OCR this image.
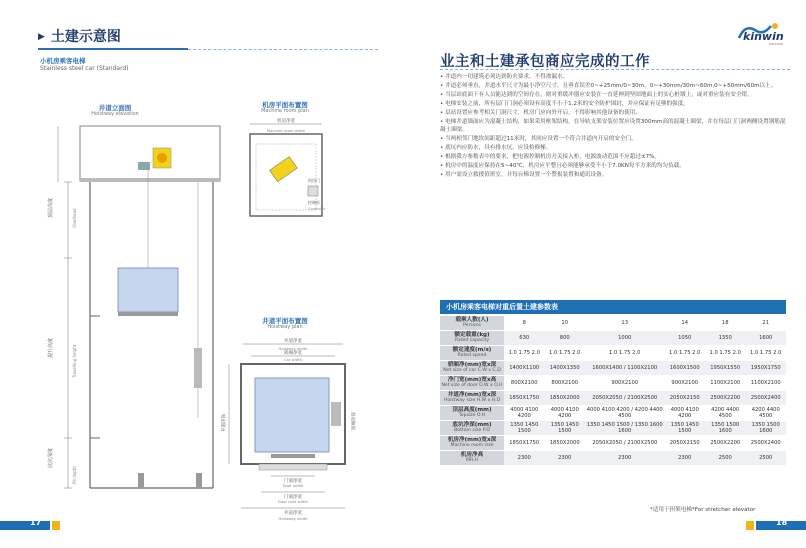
▶ 土建示意图
小机房乘客电梯
Stainless steel car (Standard)
井道立面图
Hoistway elevation
顶层高度
提升高度
底坑深度
Overhead
Travelling height
Pit depth
机房平面布置图
Machine room plan
机房净宽
Machine room width
机房门
控制柜
Controller
井道平面布置图
Hoistway plan
井道净宽
Hoistway width
轿厢净宽
Car width
门洞净宽
Door width
门洞净宽
Door hole width
井道净宽
Hoistway width
井道净深	轿厢净深
17
kinwin
elevator
业主和土建承包商应完成的工作

• 井道内一切建筑必须达到防火要求，不得渗漏水。

• 井道必须垂直，井道水平尺寸为最小净空尺寸，且垂直误差0~+25mm/0~30m，0~+30mm/30m~60m,0~+50mm/60m以上。

• 当层站底面下有人员能达到的空间存在，则对重缓冲器应安装在一直延伸到坚固地面上的实心桩墩上，或对重应装有安全钳。

• 电梯安装之前，所有层门门洞必须设有高度不小于1.2米的安全防护围封，并应保证有足够的强度。

• 层站设置应参考相关门洞尺寸，机房门应向外开启，不得影响其他设备的使用。

• 电梯井道墙面应为混凝土结构，如果采用框架结构，在导轨支架安装位置应设置300mm高的混凝土圈梁，并在每层门门洞两侧设置钢筋混凝土圈梁。

• 当两相邻门地坎间距超过11米时，其间应设置一个符合井道内开启的安全门。

• 底坑内应防水，具有排水坑，应设检修梯。

• 根据我方参数表中的要求，把电源控制机房开关接入柜，电源波动范围不应超过±7%。

• 机房中的温度应保持在5~40℃，机房应平整且必须能够承受不小于7.0KN每平方米的均匀负载。

• 用户需设立救援值班室，并每台梯设置一个警报装置和通讯设备。

小机房乘客电梯对重后置土建参数表
载乘人数(人)
Persons	8	10	13	14	18	21

额定载重(kg)
Rated capacity	630	800	1000	1050	1350	1600

额定速度(m/s)
Rated speed	1.0 1.75 2.0	1.0 1.75 2.0	1.0 1.75 2.0	1.0 1.75 2.0	1.0 1.75 2.0	1.0 1.75 2.0

轿厢净(mm)宽x深
Net size of car C.W x C.D	1400X1100	1400X1350	1600X1400 / 1100X2100	1600X1500	1950X1550	1950X1750

净门宽(mm)宽x高
Net size of door O.W x O.H	800X2100	800X2100	900X2100	900X2100	1100X2100	1100X2100

井道净(mm)宽x深
Hoistway size H.W x H.D	1850X1750	1850X2000	2050X2050 / 2100X2500	2050X2150	2500X2200	2500X2400

顶层高度(mm)
Topsize O.H	4000 4100 4200	4000 4100 4200	4000 4100 4200 / 4200 4400 4500	4000 4100 4200	4200 4400 4500	4200 4400 4500

底坑净深(mm)
Bottom size P.D	1350 1450 1500	1350 1450 1500	1350 1450 1500 / 1350 1600 1600	1350 1450 1500	1350 1500 1600	1350 1500 1600

机房净(mm)宽x深
Machine room size	1850X1750	1850X2000	2050X2050 / 2100X2500	2050X2150	2500X2200	2500X2400

机房净高
MR.H	2300	2300	2300	2300	2500	2500
*适用于担架电梯*For stretcher elevator
18
